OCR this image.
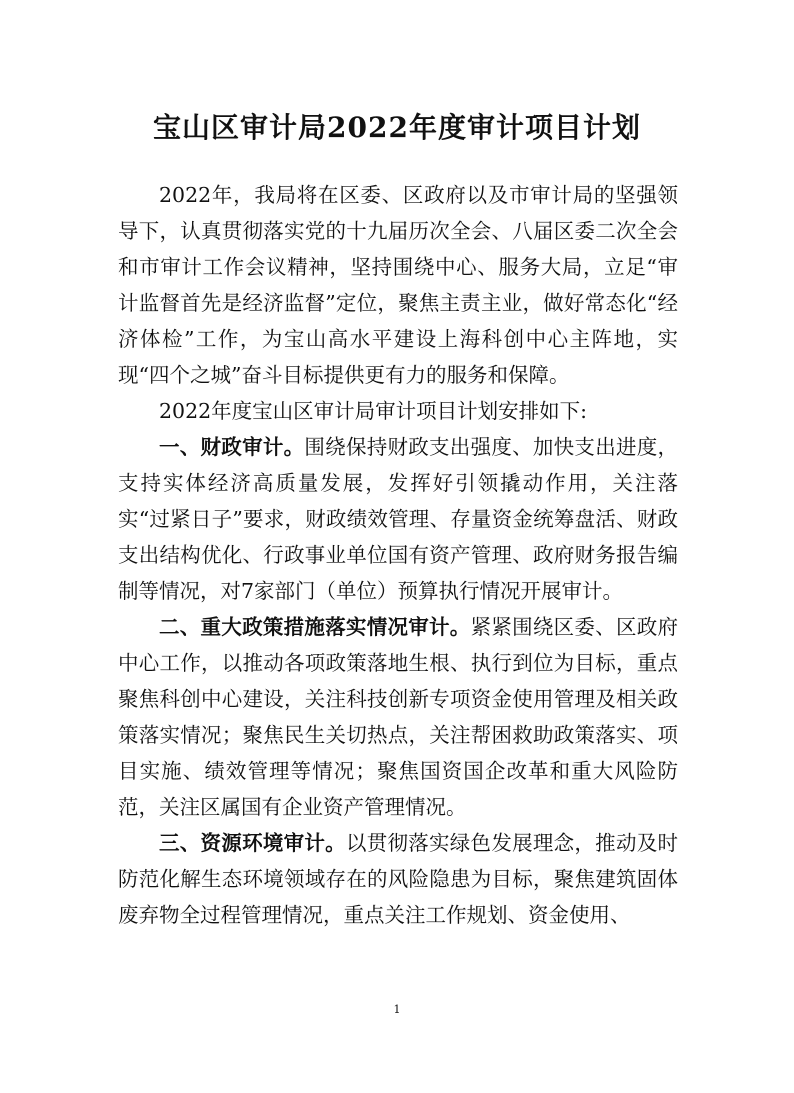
宝山区审计局2022年度审计项目计划

2022年，我局将在区委、区政府以及市审计局的坚强领导下，认真贯彻落实党的十九届历次全会、八届区委二次全会和市审计工作会议精神，坚持围绕中心、服务大局，立足“审计监督首先是经济监督”定位，聚焦主责主业，做好常态化“经济体检”工作，为宝山高水平建设上海科创中心主阵地，实现“四个之城”奋斗目标提供更有力的服务和保障。

2022年度宝山区审计局审计项目计划安排如下:

一、财政审计。围绕保持财政支出强度、加快支出进度，支持实体经济高质量发展，发挥好引领撬动作用，关注落实“过紧日子”要求，财政绩效管理、存量资金统筹盘活、财政支出结构优化、行政事业单位国有资产管理、政府财务报告编制等情况，对7家部门（单位）预算执行情况开展审计。

二、重大政策措施落实情况审计。紧紧围绕区委、区政府中心工作，以推动各项政策落地生根、执行到位为目标，重点聚焦科创中心建设，关注科技创新专项资金使用管理及相关政策落实情况；聚焦民生关切热点，关注帮困救助政策落实、项目实施、绩效管理等情况；聚焦国资国企改革和重大风险防范，关注区属国有企业资产管理情况。

三、资源环境审计。以贯彻落实绿色发展理念，推动及时防范化解生态环境领域存在的风险隐患为目标，聚焦建筑固体废弃物全过程管理情况，重点关注工作规划、资金使用、

1
